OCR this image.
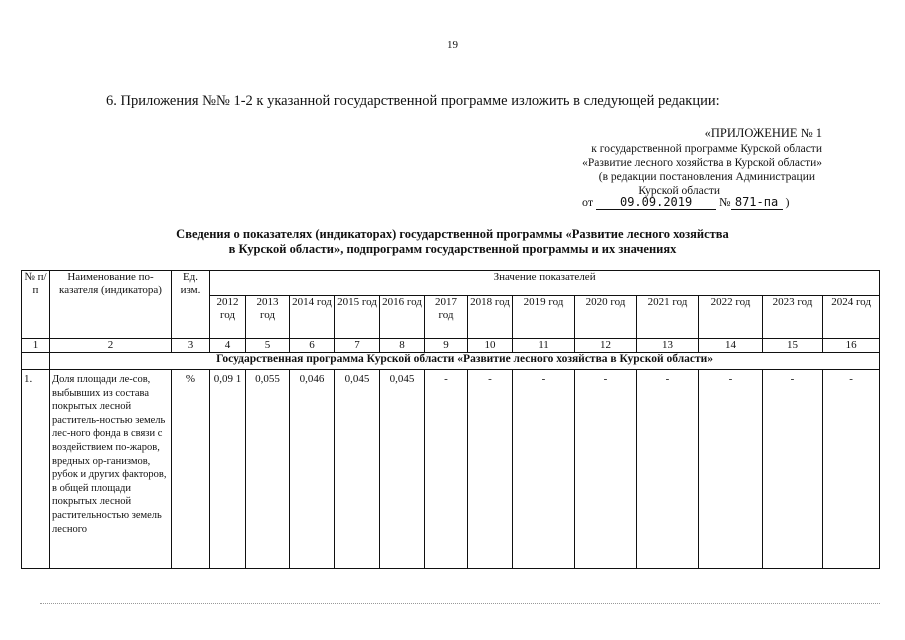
19
6. Приложения №№ 1-2 к указанной государственной программе изложить в следующей редакции:
«ПРИЛОЖЕНИЕ № 1
к государственной программе Курской области
«Развитие лесного хозяйства в Курской области»
(в редакции постановления Администрации
Курской области
от 09.09.2019 № 871-па )
Сведения о показателях (индикаторах) государственной программы «Развитие лесного хозяйства
в Курской области», подпрограмм государственной программы и их значениях
№ п/п	Наименование по-казателя (индикатора)	Ед. изм.	Значение показателей												
			2012 год	2013 год	2014 год	2015 год	2016 год	2017 год	2018 год	2019 год	2020 год	2021 год	2022 год	2023 год	2024 год
1	2	3	4	5	6	7	8	9	10	11	12	13	14	15	16
	Государственная программа Курской области «Развитие лесного хозяйства в Курской области»														
1.	Доля площади ле-сов, выбывших из состава покрытых лесной раститель-ностью земель лес-ного фонда в связи с воздействием по-жаров, вредных ор-ганизмов, рубок и других факторов, в общей площади покрытых лесной растительностью земель лесного	%	0,09 1	0,055	0,046	0,045	0,045	-	-	-	-	-	-	-	-
